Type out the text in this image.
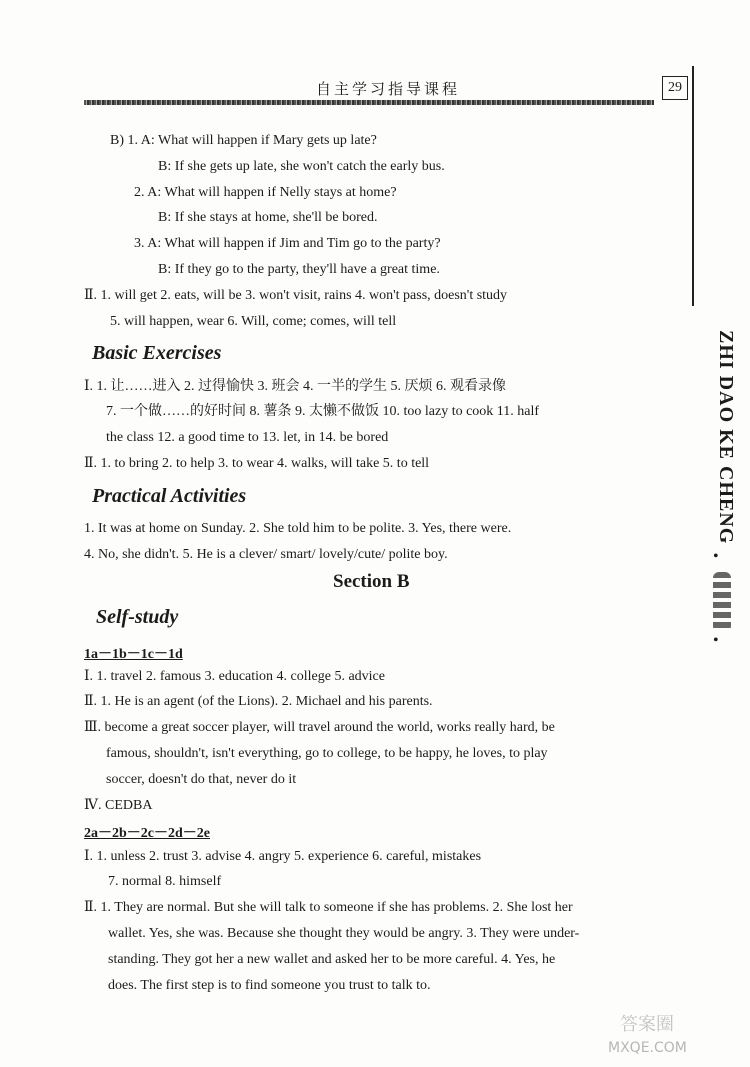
自主学习指导课程	29
ZHI DAO KE CHENG
•
•
B) 1. A: What will happen if Mary gets up late?
B: If she gets up late, she won't catch the early bus.
2. A: What will happen if Nelly stays at home?
B: If she stays at home, she'll be bored.
3. A: What will happen if Jim and Tim go to the party?
B: If they go to the party, they'll have a great time.
Ⅱ. 1. will get 2. eats, will be 3. won't visit, rains 4. won't pass, doesn't study
5. will happen, wear 6. Will, come; comes, will tell
Basic Exercises
Ⅰ. 1. 让……进入 2. 过得愉快 3. 班会 4. 一半的学生 5. 厌烦 6. 观看录像
7. 一个做……的好时间 8. 薯条 9. 太懒不做饭 10. too lazy to cook 11. half
the class 12. a good time to 13. let, in 14. be bored
Ⅱ. 1. to bring 2. to help 3. to wear 4. walks, will take 5. to tell
Practical Activities
1. It was at home on Sunday. 2. She told him to be polite. 3. Yes, there were.
4. No, she didn't. 5. He is a clever/ smart/ lovely/cute/ polite boy.
Section B
Self-study
1a－1b－1c－1d
Ⅰ. 1. travel 2. famous 3. education 4. college 5. advice
Ⅱ. 1. He is an agent (of the Lions). 2. Michael and his parents.
Ⅲ. become a great soccer player, will travel around the world, works really hard, be
famous, shouldn't, isn't everything, go to college, to be happy, he loves, to play
soccer, doesn't do that, never do it
Ⅳ. CEDBA
2a－2b－2c－2d－2e
Ⅰ. 1. unless 2. trust 3. advise 4. angry 5. experience 6. careful, mistakes
7. normal 8. himself
Ⅱ. 1. They are normal. But she will talk to someone if she has problems. 2. She lost her
wallet. Yes, she was. Because she thought they would be angry. 3. They were under-
standing. They got her a new wallet and asked her to be more careful. 4. Yes, he
does. The first step is to find someone you trust to talk to.
答案圈
MXQE.COM
